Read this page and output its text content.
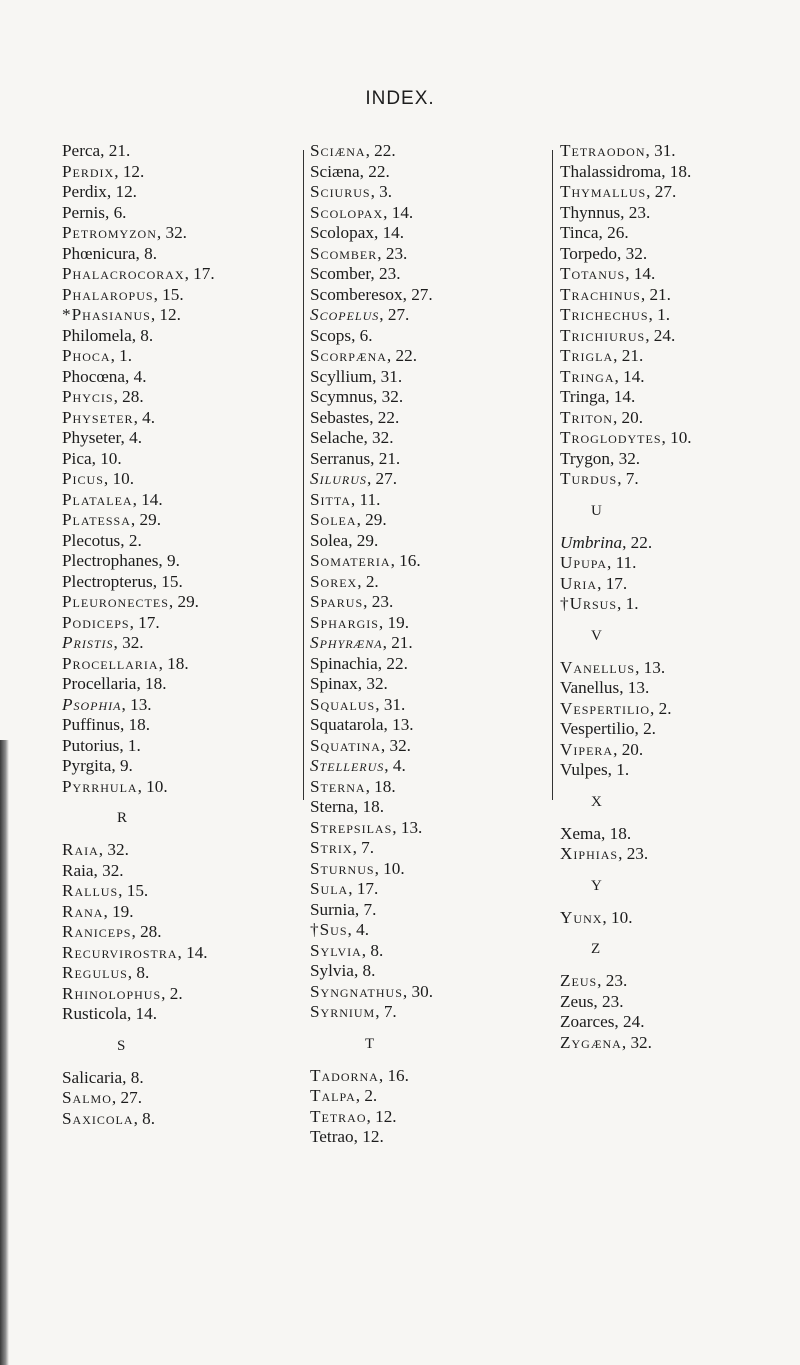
INDEX.
Perca, 21.
Perdix, 12.
Perdix, 12.
Pernis, 6.
Petromyzon, 32.
Phœnicura, 8.
Phalacrocorax, 17.
Phalaropus, 15.
*Phasianus, 12.
Philomela, 8.
Phoca, 1.
Phocœna, 4.
Phycis, 28.
Physeter, 4.
Physeter, 4.
Pica, 10.
Picus, 10.
Platalea, 14.
Platessa, 29.
Plecotus, 2.
Plectrophanes, 9.
Plectropterus, 15.
Pleuronectes, 29.
Podiceps, 17.
Pristis, 32.
Procellaria, 18.
Procellaria, 18.
Psophia, 13.
Puffinus, 18.
Putorius, 1.
Pyrgita, 9.
Pyrrhula, 10.
R
Raia, 32.
Raia, 32.
Rallus, 15.
Rana, 19.
Raniceps, 28.
Recurvirostra, 14.
Regulus, 8.
Rhinolophus, 2.
Rusticola, 14.
S
Salicaria, 8.
Salmo, 27.
Saxicola, 8.
Sciæna, 22.
Sciæna, 22.
Sciurus, 3.
Scolopax, 14.
Scolopax, 14.
Scomber, 23.
Scomber, 23.
Scomberesox, 27.
Scopelus, 27.
Scops, 6.
Scorpæna, 22.
Scyllium, 31.
Scymnus, 32.
Sebastes, 22.
Selache, 32.
Serranus, 21.
Silurus, 27.
Sitta, 11.
Solea, 29.
Solea, 29.
Somateria, 16.
Sorex, 2.
Sparus, 23.
Sphargis, 19.
Sphyræna, 21.
Spinachia, 22.
Spinax, 32.
Squalus, 31.
Squatarola, 13.
Squatina, 32.
Stellerus, 4.
Sterna, 18.
Sterna, 18.
Strepsilas, 13.
Strix, 7.
Sturnus, 10.
Sula, 17.
Surnia, 7.
†Sus, 4.
Sylvia, 8.
Sylvia, 8.
Syngnathus, 30.
Syrnium, 7.
T
Tadorna, 16.
Talpa, 2.
Tetrao, 12.
Tetrao, 12.
Tetraodon, 31.
Thalassidroma, 18.
Thymallus, 27.
Thynnus, 23.
Tinca, 26.
Torpedo, 32.
Totanus, 14.
Trachinus, 21.
Trichechus, 1.
Trichiurus, 24.
Trigla, 21.
Tringa, 14.
Tringa, 14.
Triton, 20.
Troglodytes, 10.
Trygon, 32.
Turdus, 7.
U
Umbrina, 22.
Upupa, 11.
Uria, 17.
†Ursus, 1.
V
Vanellus, 13.
Vanellus, 13.
Vespertilio, 2.
Vespertilio, 2.
Vipera, 20.
Vulpes, 1.
X
Xema, 18.
Xiphias, 23.
Y
Yunx, 10.
Z
Zeus, 23.
Zeus, 23.
Zoarces, 24.
Zygæna, 32.
